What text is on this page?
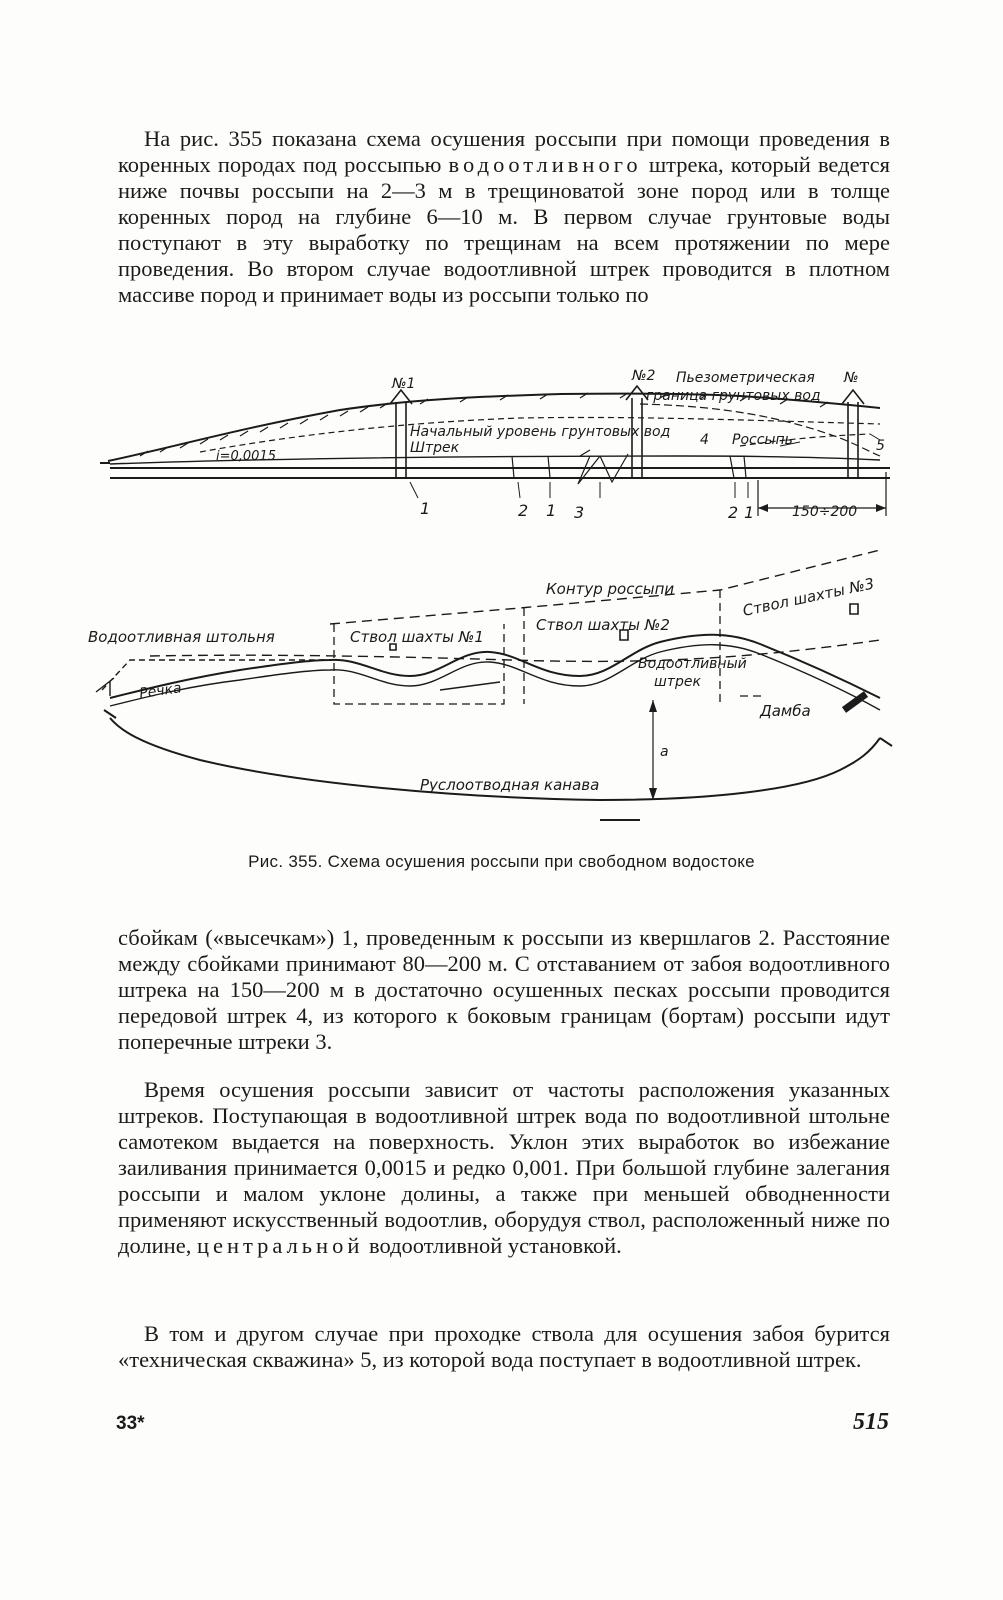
На рис. 355 показана схема осушения россыпи при помощи проведения в коренных породах под россыпью водоотливного штрека, который ведется ниже почвы россыпи на 2—3 м в трещиноватой зоне пород или в толще коренных пород на глубине 6—10 м. В первом случае грунтовые воды поступают в эту выработку по трещинам на всем протяжении по мере проведения. Во втором случае водоотливной штрек проводится в плотном массиве пород и принимает воды из россыпи только по

№1	№2	№
Пьезометрическая
граница грунтовых вод
Начальный уровень грунтовых вод
Штрек	Россыпь
i=0,0015
4	5
1	2 1 3	2 1	150÷200
Контур россыпи
Ствол шахты №1
Ствол шахты №2
Ствол шахты №3
Водоотливная штольня
Речка
Водоотливный
штрек
Дамба
Руслоотводная канава
а
Рис. 355. Схема осушения россыпи при свободном водостоке

сбойкам («высечкам») 1, проведенным к россыпи из квершлагов 2. Расстояние между сбойками принимают 80—200 м. С отставанием от забоя водоотливного штрека на 150—200 м в достаточно осушенных песках россыпи проводится передовой штрек 4, из которого к боковым границам (бортам) россыпи идут поперечные штреки 3.

Время осушения россыпи зависит от частоты расположения указанных штреков. Поступающая в водоотливной штрек вода по водоотливной штольне самотеком выдается на поверхность. Уклон этих выработок во избежание заиливания принимается 0,0015 и редко 0,001. При большой глубине залегания россыпи и малом уклоне долины, а также при меньшей обводненности применяют искусственный водоотлив, оборудуя ствол, расположенный ниже по долине, центральной водоотливной установкой.

В том и другом случае при проходке ствола для осушения забоя бурится «техническая скважина» 5, из которой вода поступает в водоотливной штрек.

33*	515
